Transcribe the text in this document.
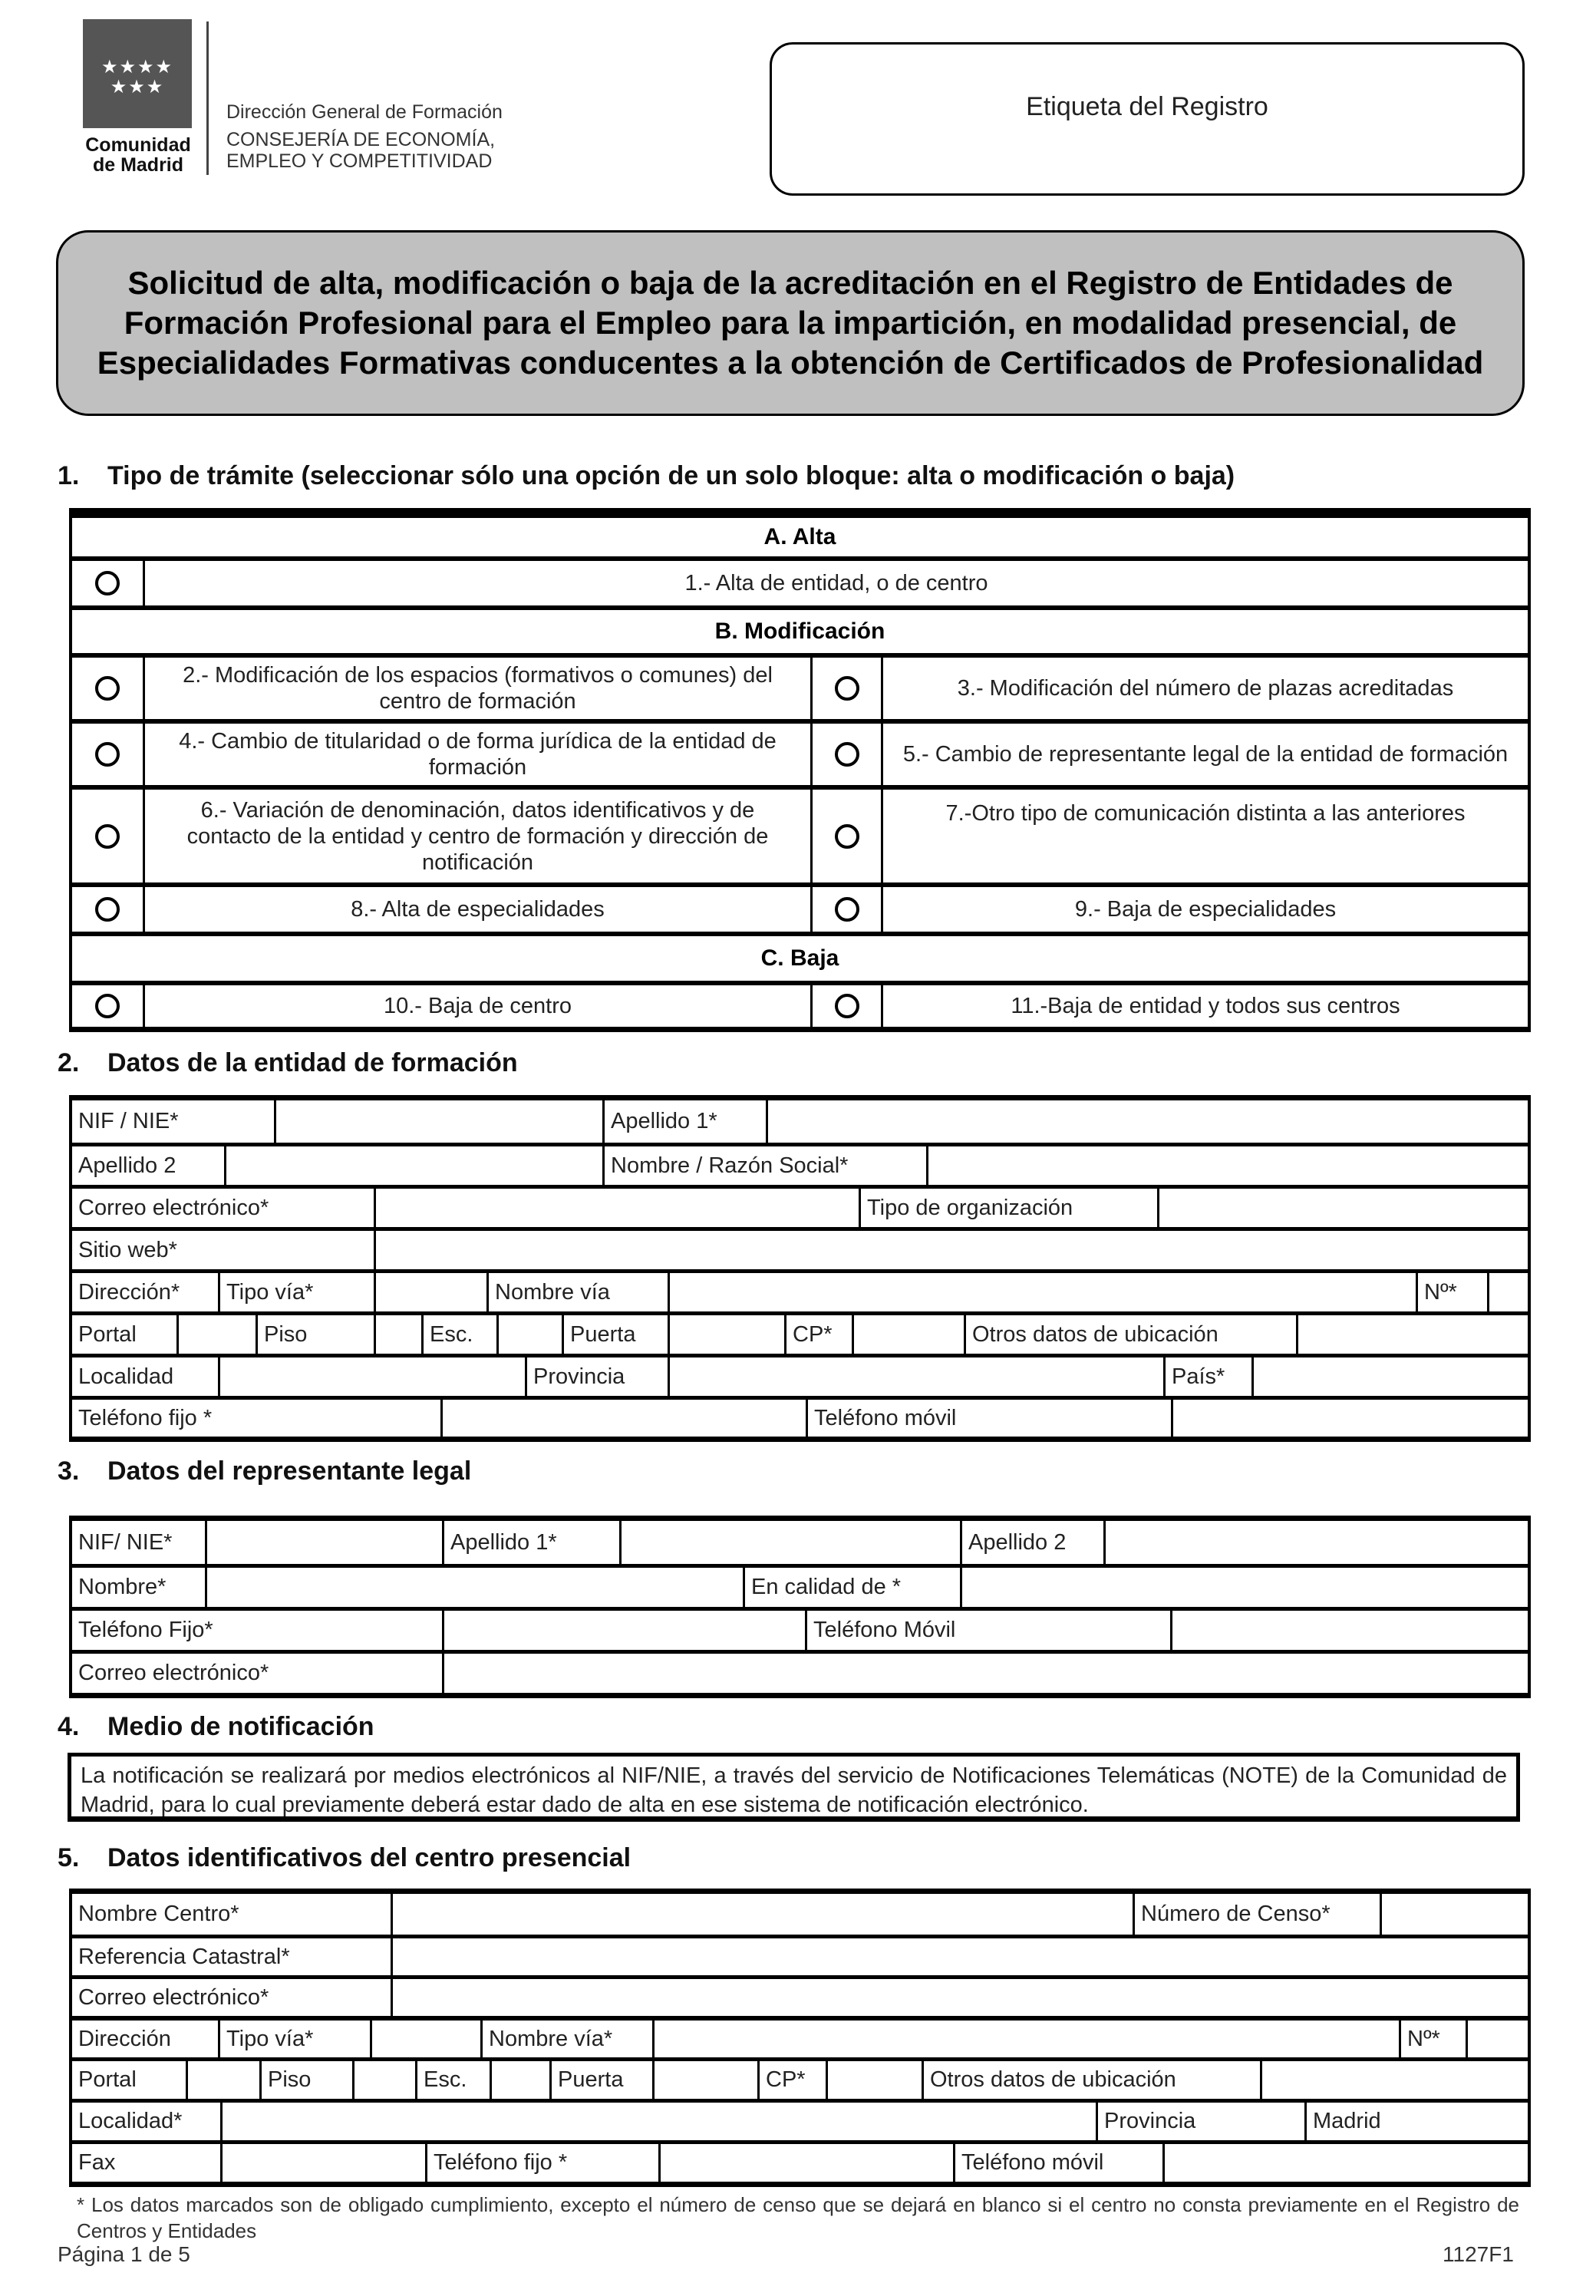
★★★★
★★★
Comunidad
de Madrid
Dirección General de Formación
CONSEJERÍA DE ECONOMÍA,
EMPLEO Y COMPETITIVIDAD
Etiqueta del Registro
Solicitud de alta, modificación o baja de la acreditación en el Registro de Entidades de Formación Profesional para el Empleo para la impartición, en modalidad presencial, de Especialidades Formativas conducentes a la obtención de Certificados de Profesionalidad
1. Tipo de trámite (seleccionar sólo una opción de un solo bloque: alta o modificación o baja)
A. Alta
1.- Alta de entidad, o de centro
B. Modificación
2.- Modificación de los espacios (formativos o comunes) del centro de formación
3.- Modificación del número de plazas acreditadas
4.- Cambio de titularidad o de forma jurídica de la entidad de formación
5.- Cambio de representante legal de la entidad de formación
6.- Variación de denominación, datos identificativos y de contacto de la entidad y centro de formación y dirección de notificación
7.-Otro tipo de comunicación distinta a las anteriores
8.- Alta de especialidades	9.- Baja de especialidades
C. Baja
10.- Baja de centro	11.-Baja de entidad y todos sus centros
2. Datos de la entidad de formación
NIF / NIE*	Apellido 1*
Apellido 2	Nombre / Razón Social*
Correo electrónico*	Tipo de organización
Sitio web*
Dirección*	Tipo vía*	Nombre vía	Nº*
Portal	Piso	Esc.	Puerta	CP*	Otros datos de ubicación
Localidad	Provincia	País*
Teléfono fijo *	Teléfono móvil
3. Datos del representante legal
NIF/ NIE*	Apellido 1*	Apellido 2
Nombre*	En calidad de *
Teléfono Fijo*	Teléfono Móvil
Correo electrónico*
4. Medio de notificación
La notificación se realizará por medios electrónicos al NIF/NIE, a través del servicio de Notificaciones Telemáticas (NOTE) de la Comunidad de Madrid, para lo cual previamente deberá estar dado de alta en ese sistema de notificación electrónico.
5. Datos identificativos del centro presencial
Nombre Centro*	Número de Censo*
Referencia Catastral*
Correo electrónico*
Dirección	Tipo vía*	Nombre vía*	Nº*
Portal	Piso	Esc.	Puerta	CP*	Otros datos de ubicación
Localidad*	Provincia	Madrid
Fax	Teléfono fijo *	Teléfono móvil
* Los datos marcados son de obligado cumplimiento, excepto el número de censo que se dejará en blanco si el centro no consta previamente en el Registro de Centros y Entidades
Página 1 de 5	1127F1
